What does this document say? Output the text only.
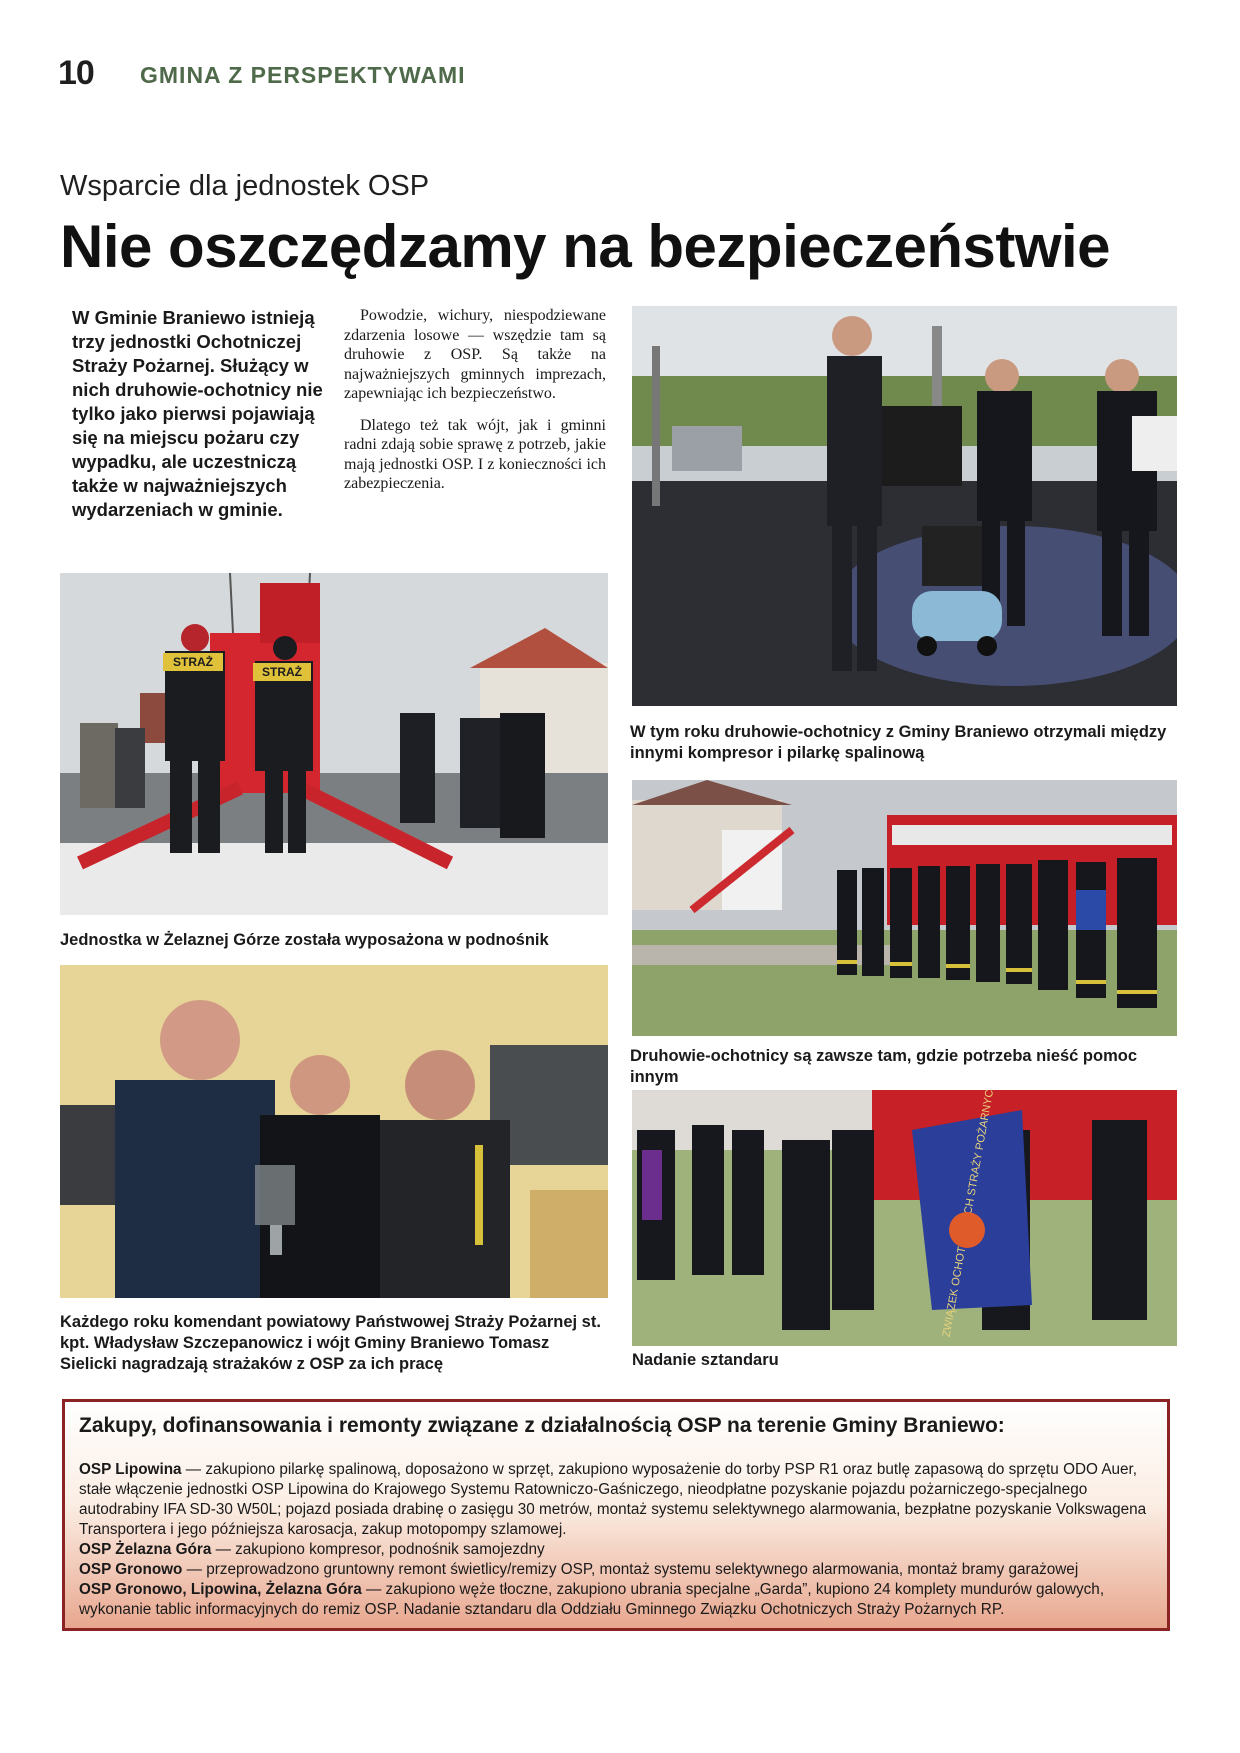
10 GMINA Z PERSPEKTYWAMI
Wsparcie dla jednostek OSP
Nie oszczędzamy na bezpieczeństwie
W Gminie Braniewo istnieją trzy jednostki Ochotniczej Straży Pożarnej. Służący w nich druhowie-ochotnicy nie tylko jako pierwsi pojawiają się na miejscu pożaru czy wypadku, ale uczestniczą także w najważniejszych wydarzeniach w gminie.

Powodzie, wichury, niespodziewane zdarzenia losowe — wszędzie tam są druhowie z OSP. Są także na najważniejszych gminnych imprezach, zapewniając ich bezpieczeństwo.

Dlatego też tak wójt, jak i gminni radni zdają sobie sprawę z potrzeb, jakie mają jednostki OSP. I z konieczności ich zabezpieczenia.

W tym roku druhowie-ochotnicy z Gminy Braniewo otrzymali między innymi kompresor i pilarkę spalinową
STRAŻ
STRAŻ
Jednostka w Żelaznej Górze została wyposażona w podnośnik
Druhowie-ochotnicy są zawsze tam, gdzie potrzeba nieść pomoc innym
Każdego roku komendant powiatowy Państwowej Straży Pożarnej st. kpt. Władysław Szczepanowicz i wójt Gminy Braniewo Tomasz Sielicki nagradzają strażaków z OSP za ich pracę
ZWIĄZEK STRAŻY POŻARNYCH
Nadanie sztandaru
Zakupy, dofinansowania i remonty związane z działalnością OSP na terenie Gminy Braniewo:
OSP Lipowina — zakupiono pilarkę spalinową, doposażono w sprzęt, zakupiono wyposażenie do torby PSP R1 oraz butlę zapasową do sprzętu ODO Auer, stałe włączenie jednostki OSP Lipowina do Krajowego Systemu Ratowniczo-Gaśniczego, nieodpłatne pozyskanie pojazdu pożarniczego-specjalnego autodrabiny IFA SD-30 W50L; pojazd posiada drabinę o zasięgu 30 metrów, montaż systemu selektywnego alarmowania, bezpłatne pozyskanie Volkswagena Transportera i jego późniejsza karosacja, zakup motopompy szlamowej.
OSP Żelazna Góra — zakupiono kompresor, podnośnik samojezdny
OSP Gronowo — przeprowadzono gruntowny remont świetlicy/remizy OSP, montaż systemu selektywnego alarmowania, montaż bramy garażowej
OSP Gronowo, Lipowina, Żelazna Góra — zakupiono węże tłoczne, zakupiono ubrania specjalne „Garda”, kupiono 24 komplety mundurów galowych, wykonanie tablic informacyjnych do remiz OSP. Nadanie sztandaru dla Oddziału Gminnego Związku Ochotniczych Straży Pożarnych RP.
